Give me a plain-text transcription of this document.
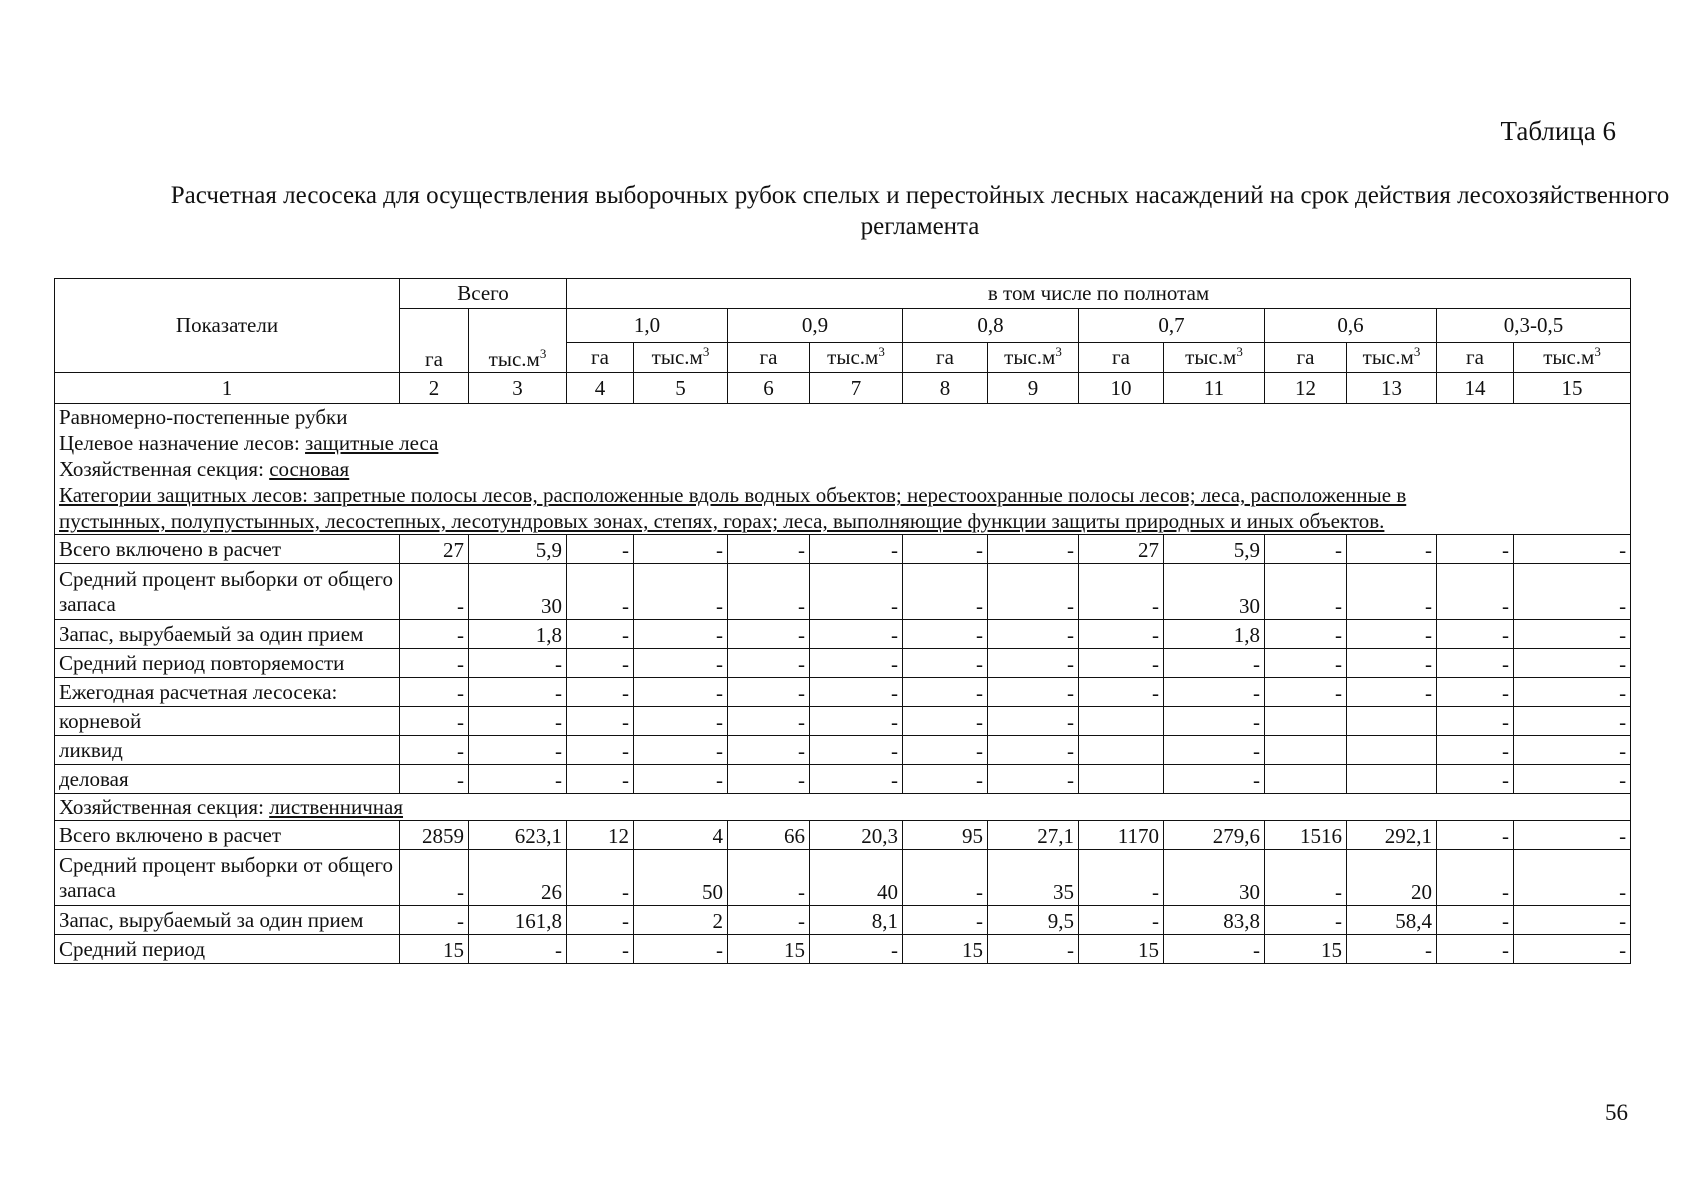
Таблица 6
Расчетная лесосека для осуществления выборочных рубок спелых и перестойных лесных насаждений на срок действия лесохозяйственного регламента
Показатели	Всего		в том числе по полнотам											
	га	$тыс.м^3$	1,0		0,9		0,8		0,7		0,6		0,3-0,5	
			га	$тыс.м^3$	га	$тыс.м^3$	га	$тыс.м^3$	га	$тыс.м^3$	га	$тыс.м^3$	га	$тыс.м^3$
1	2	3	4	5	6	7	8	9	10	11	12	13	14	15

Равномерно-постепенные рубки
Целевое назначение лесов: защитные леса
Хозяйственная секция: сосновая
Категории защитных лесов: запретные полосы лесов, расположенные вдоль водных объектов; нерестоохранные полосы лесов; леса, расположенные в
пустынных, полупустынных, лесостепных, лесотундровых зонах, степях, горах; леса, выполняющие функции защиты природных и иных объектов.														

Всего включено в расчет	27	5,9	-	-	-	-	-	-	27	5,9	-	-	-	-
Средний процент выборки от общего запаса	-	30	-	-	-	-	-	-	-	30	-	-	-	-
Запас, вырубаемый за один прием	-	1,8	-	-	-	-	-	-	-	1,8	-	-	-	-
Средний период повторяемости	-	-	-	-	-	-	-	-	-	-	-	-	-	-
Ежегодная расчетная лесосека:	-	-	-	-	-	-	-	-	-	-	-	-	-	-
корневой	-	-	-	-	-	-	-	-		-			-	-
ликвид	-	-	-	-	-	-	-	-		-			-	-
деловая	-	-	-	-	-	-	-	-		-			-	-

Хозяйственная секция: лиственничная														

Всего включено в расчет	2859	623,1	12	4	66	20,3	95	27,1	1170	279,6	1516	292,1	-	-
Средний процент выборки от общего запаса	-	26	-	50	-	40	-	35	-	30	-	20	-	-
Запас, вырубаемый за один прием	-	161,8	-	2	-	8,1	-	9,5	-	83,8	-	58,4	-	-
Средний период	15	-	-	-	15	-	15	-	15	-	15	-	-	-
56
